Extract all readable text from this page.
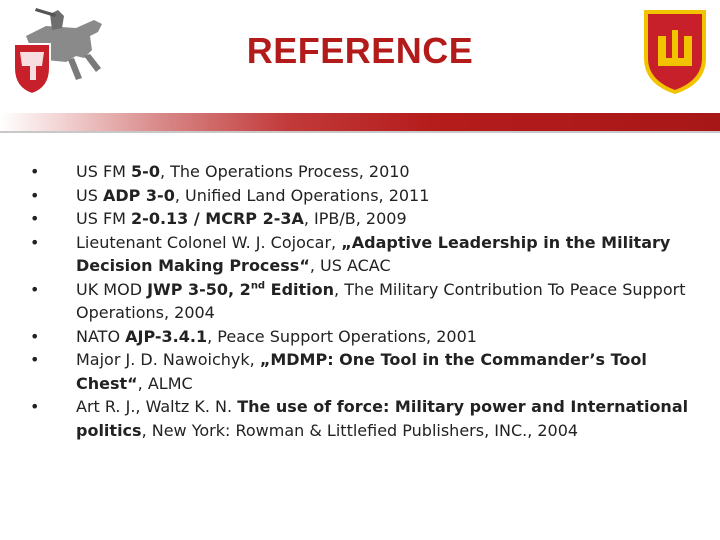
REFERENCE
•	US FM 5-0, The Operations Process, 2010
•	US ADP 3-0, Unified Land Operations, 2011
•	US FM 2-0.13 / MCRP 2-3A, IPB/B, 2009
•	Lieutenant Colonel W. J. Cojocar, „Adaptive Leadership in the Military Decision Making Process“, US ACAC
•	UK MOD JWP 3-50, 2nd Edition, The Military Contribution To Peace Support Operations, 2004
•	NATO AJP-3.4.1, Peace Support Operations, 2001
•	Major J. D. Nawoichyk, „MDMP: One Tool in the Commander’s Tool Chest“, ALMC
•	Art R. J., Waltz K. N. The use of force: Military power and International politics, New York: Rowman & Littlefied Publishers, INC., 2004
